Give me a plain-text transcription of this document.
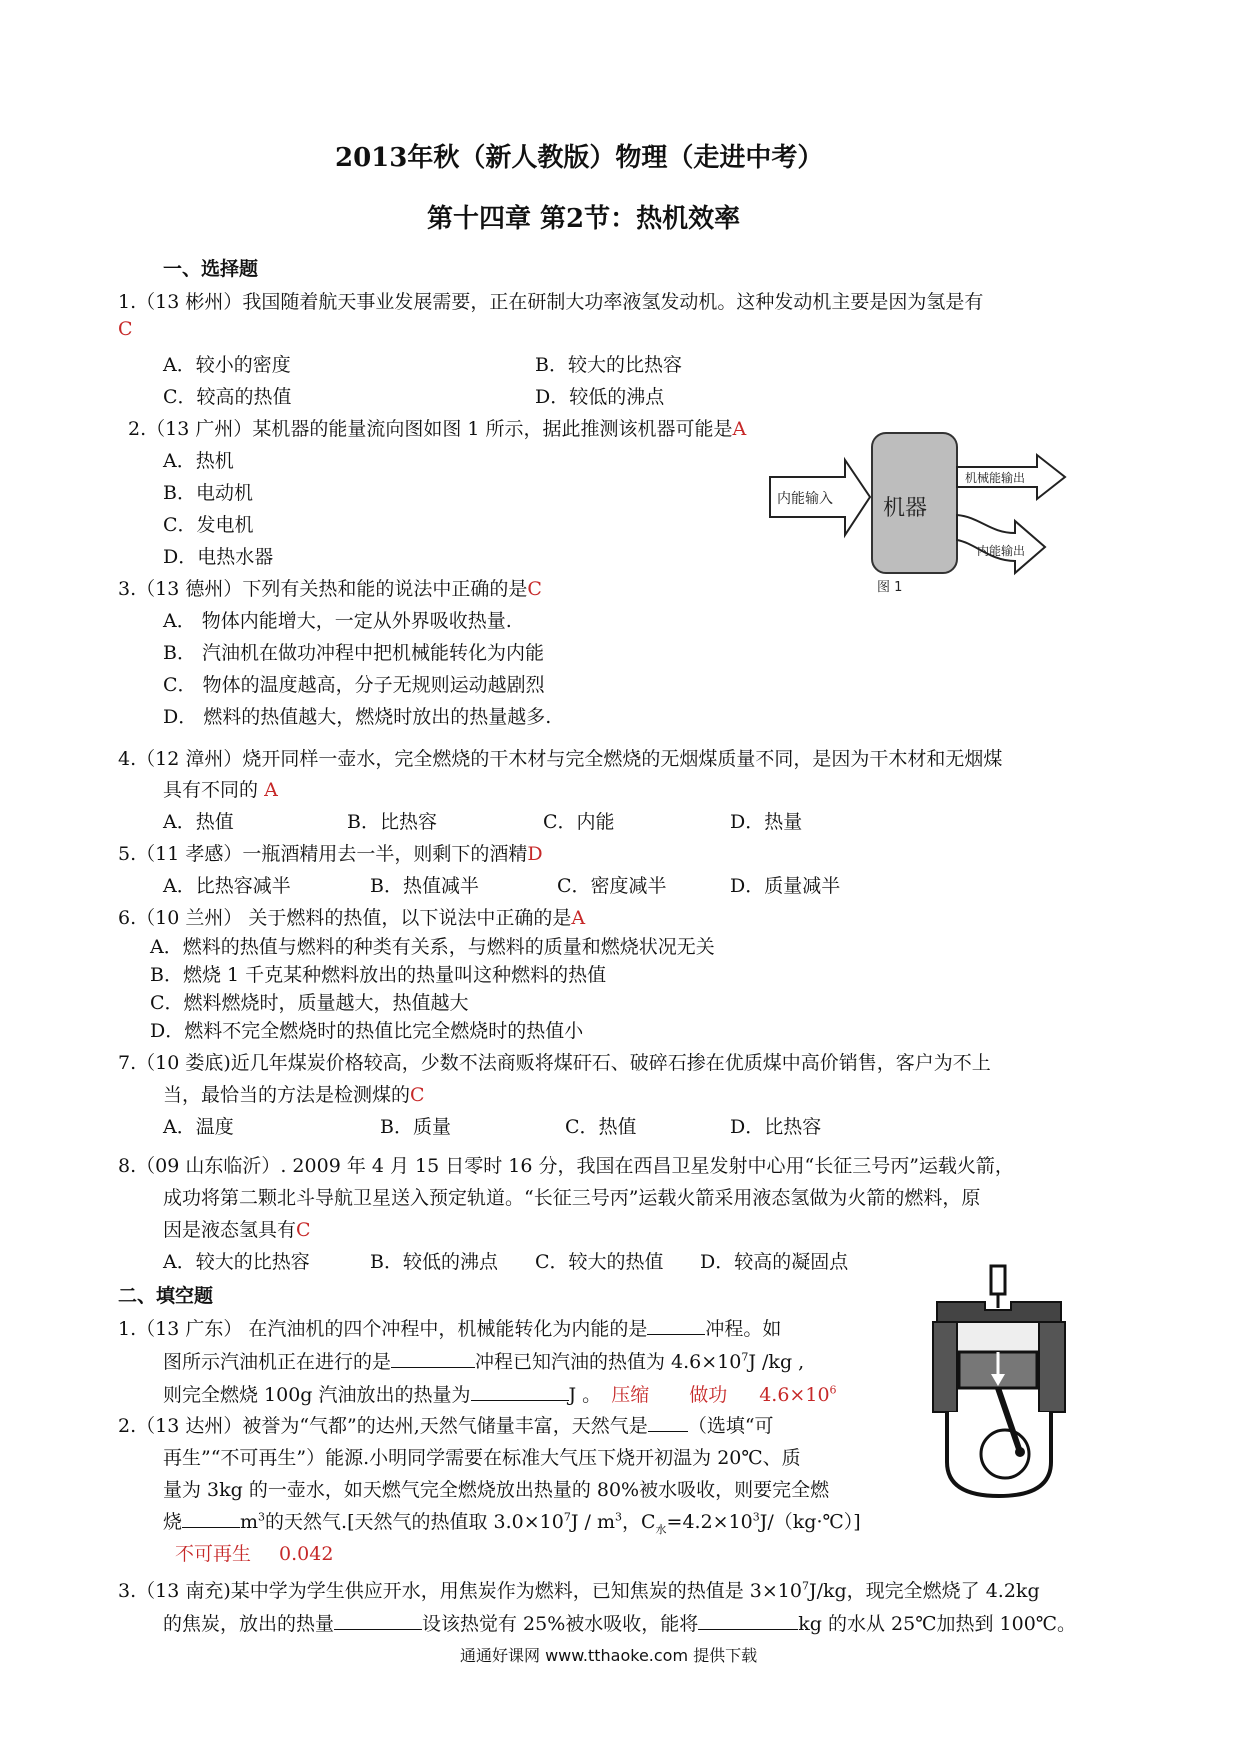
2013年秋（新人教版）物理（走进中考）
第十四章 第2节：热机效率
一、选择题
1.（13 彬州）我国随着航天事业发展需要，正在研制大功率液氢发动机。这种发动机主要是因为氢是有
C
A．较小的密度	B．较大的比热容
C．较高的热值	D．较低的沸点
2.（13 广州）某机器的能量流向图如图 1 所示，据此推测该机器可能是A
A．热机
B．电动机
C．发电机
D．电热水器
内能输入 机器
机械能输出
内能输出
图 1
3.（13 德州）下列有关热和能的说法中正确的是C
A． 物体内能增大，一定从外界吸收热量.
B． 汽油机在做功冲程中把机械能转化为内能
C． 物体的温度越高，分子无规则运动越剧烈
D． 燃料的热值越大，燃烧时放出的热量越多.
4.（12 漳州）烧开同样一壶水，完全燃烧的干木材与完全燃烧的无烟煤质量不同，是因为干木材和无烟煤
具有不同的 A
A．热值	B．比热容	C．内能	D．热量
5.（11 孝感）一瓶酒精用去一半，则剩下的酒精D
A．比热容减半	B．热值减半	C．密度减半	D．质量减半
6.（10 兰州） 关于燃料的热值，以下说法中正确的是A
A．燃料的热值与燃料的种类有关系，与燃料的质量和燃烧状况无关
B．燃烧 1 千克某种燃料放出的热量叫这种燃料的热值
C．燃料燃烧时，质量越大，热值越大
D．燃料不完全燃烧时的热值比完全燃烧时的热值小
7.（10 娄底)近几年煤炭价格较高，少数不法商贩将煤矸石、破碎石掺在优质煤中高价销售，客户为不上
当，最恰当的方法是检测煤的C
A．温度	B．质量	C．热值	D．比热容
8.（09 山东临沂）. 2009 年 4 月 15 日零时 16 分，我国在西昌卫星发射中心用“长征三号丙”运载火箭，
成功将第二颗北斗导航卫星送入预定轨道。“长征三号丙”运载火箭采用液态氢做为火箭的燃料，原
因是液态氢具有C
A．较大的比热容	B．较低的沸点 C．较大的热值 D．较高的凝固点
二、填空题
1.（13 广东） 在汽油机的四个冲程中，机械能转化为内能的是	冲程。如
图所示汽油机正在进行的是	冲程已知汽油的热值为 $4.6\times 10^7J$ /kg ,
则完全燃烧 100g 汽油放出的热量为	J 。 压缩 做功 $4.6\times 10^6$
2.（13 达州）被誉为“气都”的达州,天然气储量丰富，天然气是 （选填“可
再生”“不可再生”）能源.小明同学需要在标准大气压下烧开初温为 20℃、质
量为 3kg 的一壶水，如天燃气完全燃烧放出热量的 80%被水吸收，则要完全燃
烧	$m^3$的天然气.[天然气的热值取 $3.0\times 10^7J / m^3$，$C_水=4.2\times 10^3J/(kg\cdot℃)$]
不可再生 0.042
3.（13 南充)某中学为学生供应开水，用焦炭作为燃料，已知焦炭的热值是 $3\times 10^7J/kg$，现完全燃烧了 4.2kg
的焦炭，放出的热量	设该热觉有 25%被水吸收，能将	kg 的水从 25℃加热到 100℃。
通通好课网 www.tthaoke.com 提供下载
